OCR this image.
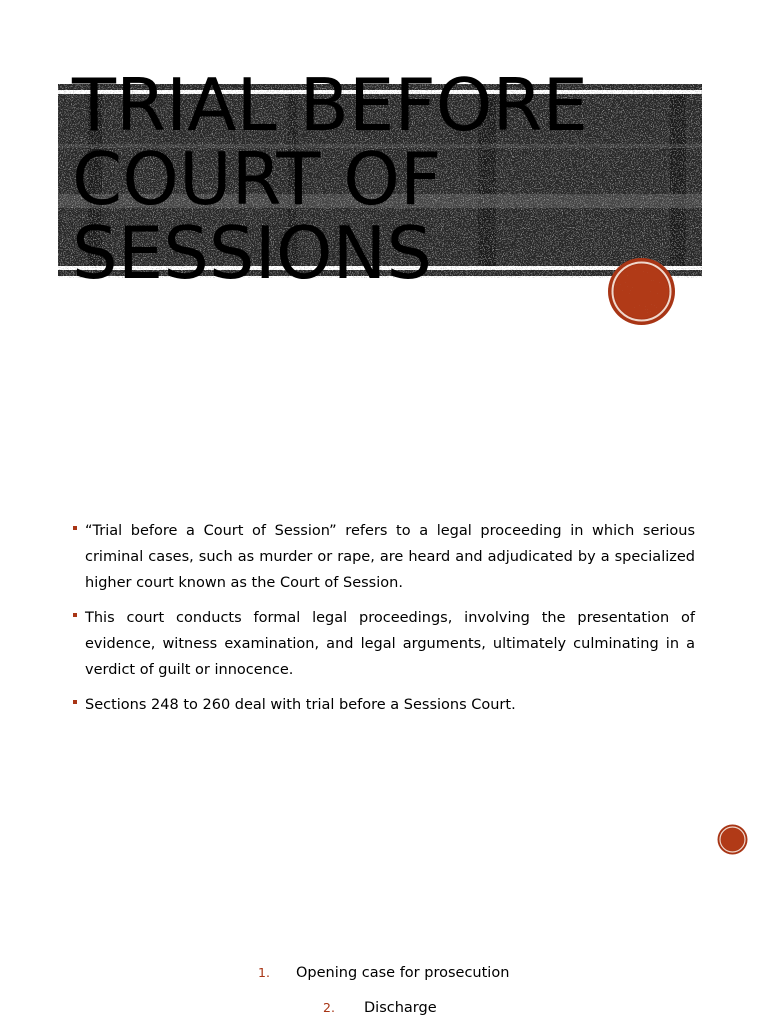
TRIAL BEFORE
COURT OF
SESSIONS
“Trial before a Court of Session” refers to a legal proceeding in which serious criminal cases, such as murder or rape, are heard and adjudicated by a specialized higher court known as the Court of Session.
This court conducts formal legal proceedings, involving the presentation of evidence, witness examination, and legal arguments, ultimately culminating in a verdict of guilt or innocence.
Sections 248 to 260 deal with trial before a Sessions Court.
1. Opening case for prosecution
2. Discharge
